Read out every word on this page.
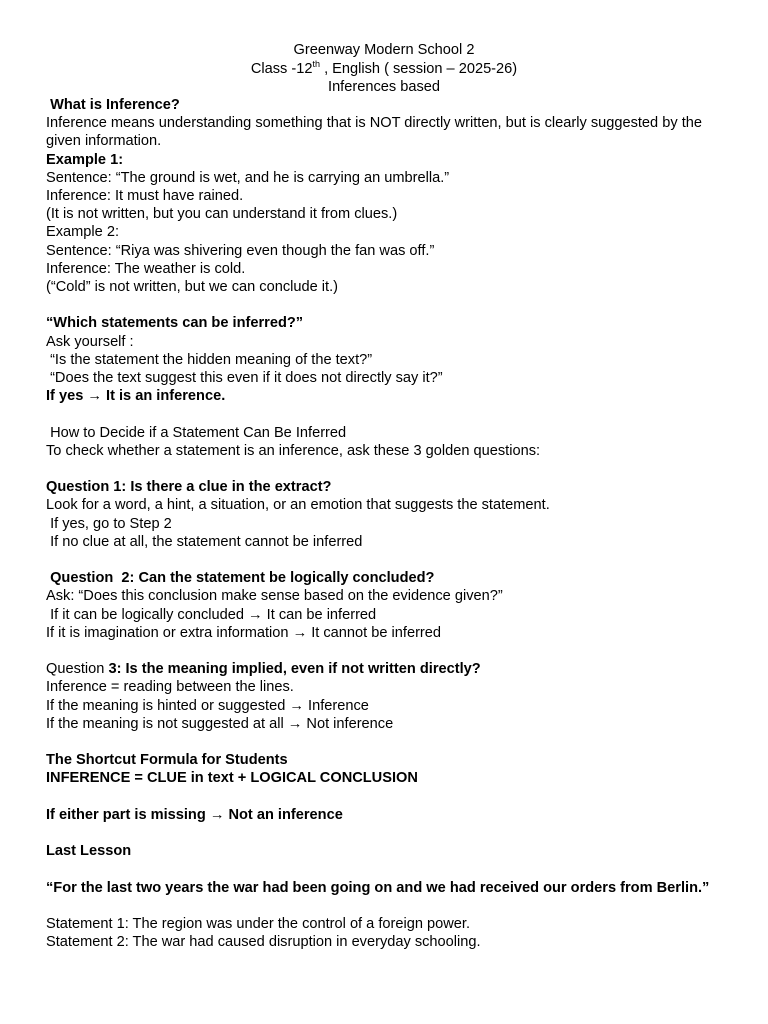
Greenway Modern School 2
Class -12th , English ( session – 2025-26)
Inferences based
What is Inference?
Inference means understanding something that is NOT directly written, but is clearly suggested by the given information.
Example 1:
Sentence: “The ground is wet, and he is carrying an umbrella.”
Inference: It must have rained.
(It is not written, but you can understand it from clues.)
Example 2:
Sentence: “Riya was shivering even though the fan was off.”
Inference: The weather is cold.
(“Cold” is not written, but we can conclude it.)
“Which statements can be inferred?”
Ask yourself :
“Is the statement the hidden meaning of the text?”
“Does the text suggest this even if it does not directly say it?”
If yes → It is an inference.
How to Decide if a Statement Can Be Inferred
To check whether a statement is an inference, ask these 3 golden questions:
Question 1: Is there a clue in the extract?
Look for a word, a hint, a situation, or an emotion that suggests the statement.
If yes, go to Step 2
If no clue at all, the statement cannot be inferred
Question  2: Can the statement be logically concluded?
Ask: “Does this conclusion make sense based on the evidence given?”
If it can be logically concluded → It can be inferred
If it is imagination or extra information → It cannot be inferred
Question 3: Is the meaning implied, even if not written directly?
Inference = reading between the lines.
If the meaning is hinted or suggested → Inference
If the meaning is not suggested at all → Not inference
The Shortcut Formula for Students
INFERENCE = CLUE in text + LOGICAL CONCLUSION
If either part is missing → Not an inference
Last Lesson
“For the last two years the war had been going on and we had received our orders from Berlin.”
Statement 1: The region was under the control of a foreign power.
Statement 2: The war had caused disruption in everyday schooling.
